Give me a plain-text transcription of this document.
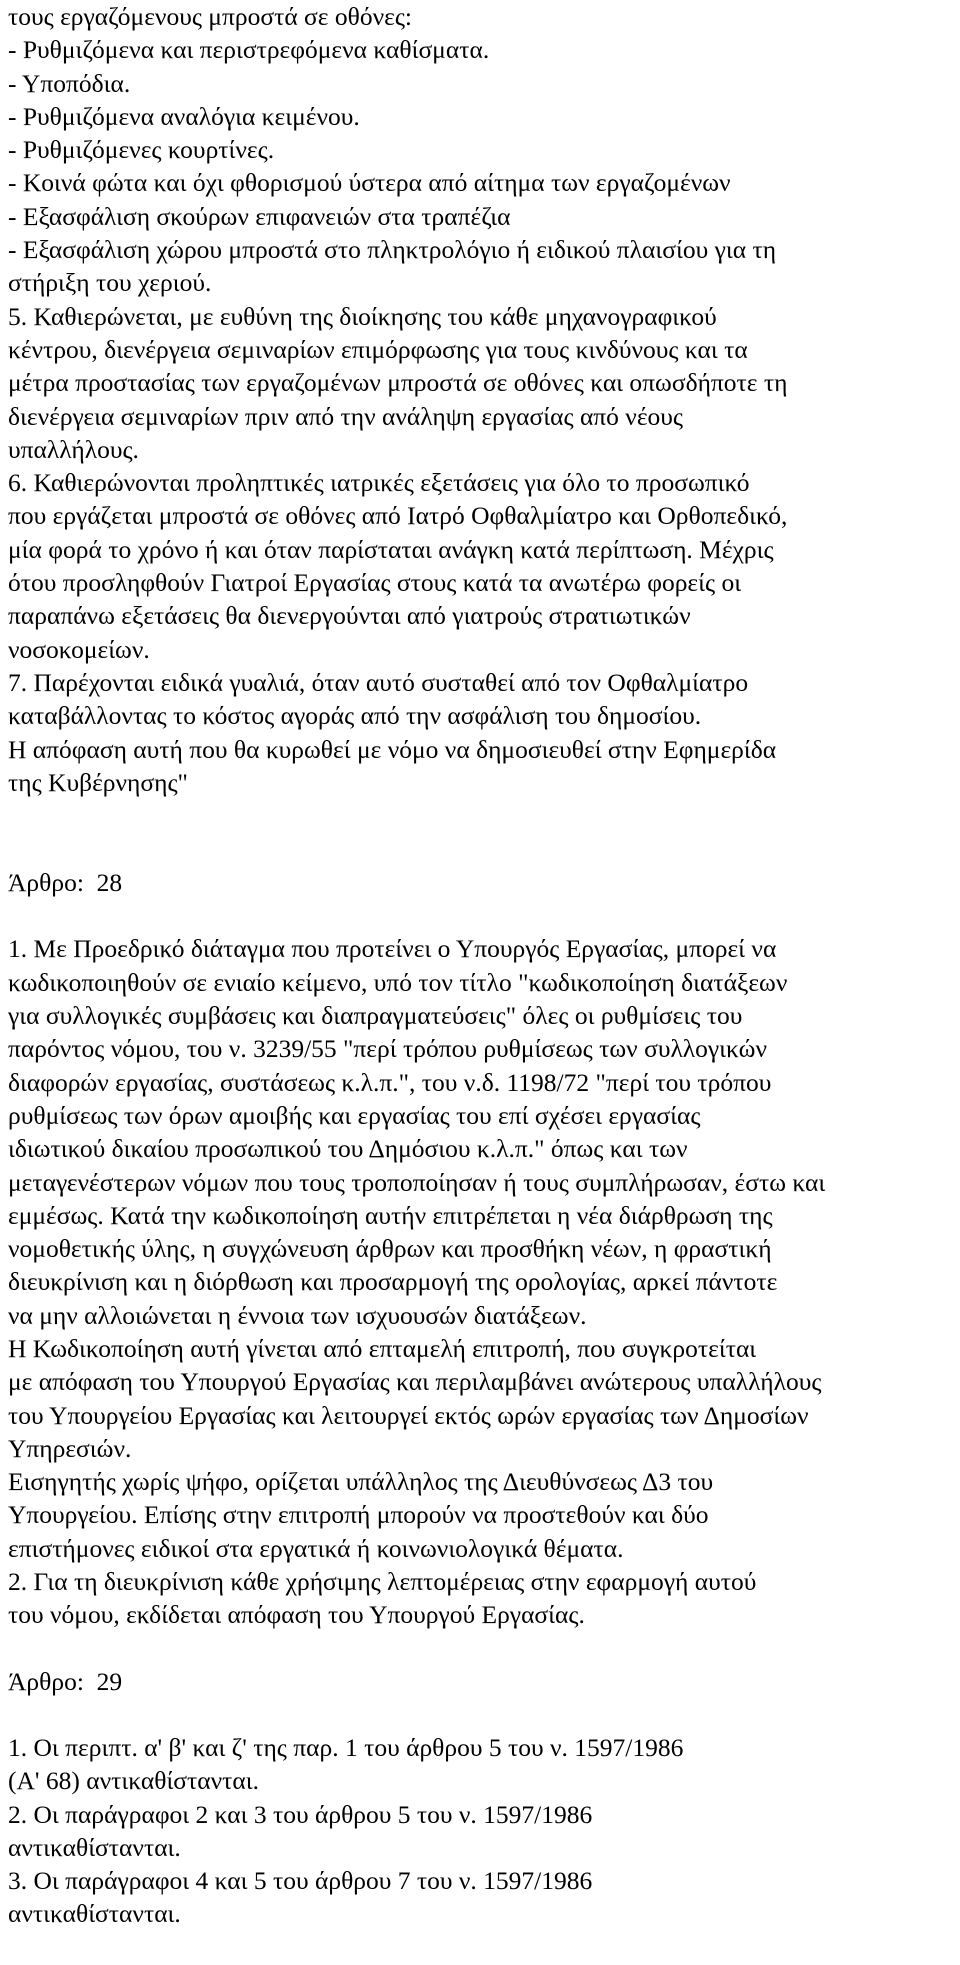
τους εργαζόμενους μπροστά σε οθόνες:
- Ρυθμιζόμενα και περιστρεφόμενα καθίσματα.
- Υποπόδια.
- Ρυθμιζόμενα αναλόγια κειμένου.
- Ρυθμιζόμενες κουρτίνες.
- Κοινά φώτα και όχι φθορισμού ύστερα από αίτημα των εργαζομένων
- Εξασφάλιση σκούρων επιφανειών στα τραπέζια
- Εξασφάλιση χώρου μπροστά στο πληκτρολόγιο ή ειδικού πλαισίου για τη
στήριξη του χεριού.
5. Καθιερώνεται, με ευθύνη της διοίκησης του κάθε μηχανογραφικού
κέντρου, διενέργεια σεμιναρίων επιμόρφωσης για τους κινδύνους και τα
μέτρα προστασίας των εργαζομένων μπροστά σε οθόνες και οπωσδήποτε τη
διενέργεια σεμιναρίων πριν από την ανάληψη εργασίας από νέους
υπαλλήλους.
6. Καθιερώνονται προληπτικές ιατρικές εξετάσεις για όλο το προσωπικό
που εργάζεται μπροστά σε οθόνες από Ιατρό Οφθαλμίατρο και Ορθοπεδικό,
μία φορά το χρόνο ή και όταν παρίσταται ανάγκη κατά περίπτωση. Μέχρις
ότου προσληφθούν Γιατροί Εργασίας στους κατά τα ανωτέρω φορείς οι
παραπάνω εξετάσεις θα διενεργούνται από γιατρούς στρατιωτικών
νοσοκομείων.
7. Παρέχονται ειδικά γυαλιά, όταν αυτό συσταθεί από τον Οφθαλμίατρο
καταβάλλοντας το κόστος αγοράς από την ασφάλιση του δημοσίου.
Η απόφαση αυτή που θα κυρωθεί με νόμο να δημοσιευθεί στην Εφημερίδα
της Κυβέρνησης"
Άρθρο:  28
1. Με Προεδρικό διάταγμα που προτείνει ο Υπουργός Εργασίας, μπορεί να
κωδικοποιηθούν σε ενιαίο κείμενο, υπό τον τίτλο "κωδικοποίηση διατάξεων
για συλλογικές συμβάσεις και διαπραγματεύσεις" όλες οι ρυθμίσεις του
παρόντος νόμου, του ν. 3239/55 "περί τρόπου ρυθμίσεως των συλλογικών
διαφορών εργασίας, συστάσεως κ.λ.π.", του ν.δ. 1198/72 "περί του τρόπου
ρυθμίσεως των όρων αμοιβής και εργασίας του επί σχέσει εργασίας
ιδιωτικού δικαίου προσωπικού του Δημόσιου κ.λ.π." όπως και των
μεταγενέστερων νόμων που τους τροποποίησαν ή τους συμπλήρωσαν, έστω και
εμμέσως. Κατά την κωδικοποίηση αυτήν επιτρέπεται η νέα διάρθρωση της
νομοθετικής ύλης, η συγχώνευση άρθρων και προσθήκη νέων, η φραστική
διευκρίνιση και η διόρθωση και προσαρμογή της ορολογίας, αρκεί πάντοτε
να μην αλλοιώνεται η έννοια των ισχυουσών διατάξεων.
Η Κωδικοποίηση αυτή γίνεται από επταμελή επιτροπή, που συγκροτείται
με απόφαση του Υπουργού Εργασίας και περιλαμβάνει ανώτερους υπαλλήλους
του Υπουργείου Εργασίας και λειτουργεί εκτός ωρών εργασίας των Δημοσίων
Υπηρεσιών.
Εισηγητής χωρίς ψήφο, ορίζεται υπάλληλος της Διευθύνσεως Δ3 του
Υπουργείου. Επίσης στην επιτροπή μπορούν να προστεθούν και δύο
επιστήμονες ειδικοί στα εργατικά ή κοινωνιολογικά θέματα.
2. Για τη διευκρίνιση κάθε χρήσιμης λεπτομέρειας στην εφαρμογή αυτού
του νόμου, εκδίδεται απόφαση του Υπουργού Εργασίας.
Άρθρο:  29
1. Οι περιπτ. α' β' και ζ' της παρ. 1 του άρθρου 5 του ν. 1597/1986
(Α' 68) αντικαθίστανται.
2. Οι παράγραφοι 2 και 3 του άρθρου 5 του ν. 1597/1986
αντικαθίστανται.
3. Οι παράγραφοι 4 και 5 του άρθρου 7 του ν. 1597/1986
αντικαθίστανται.
